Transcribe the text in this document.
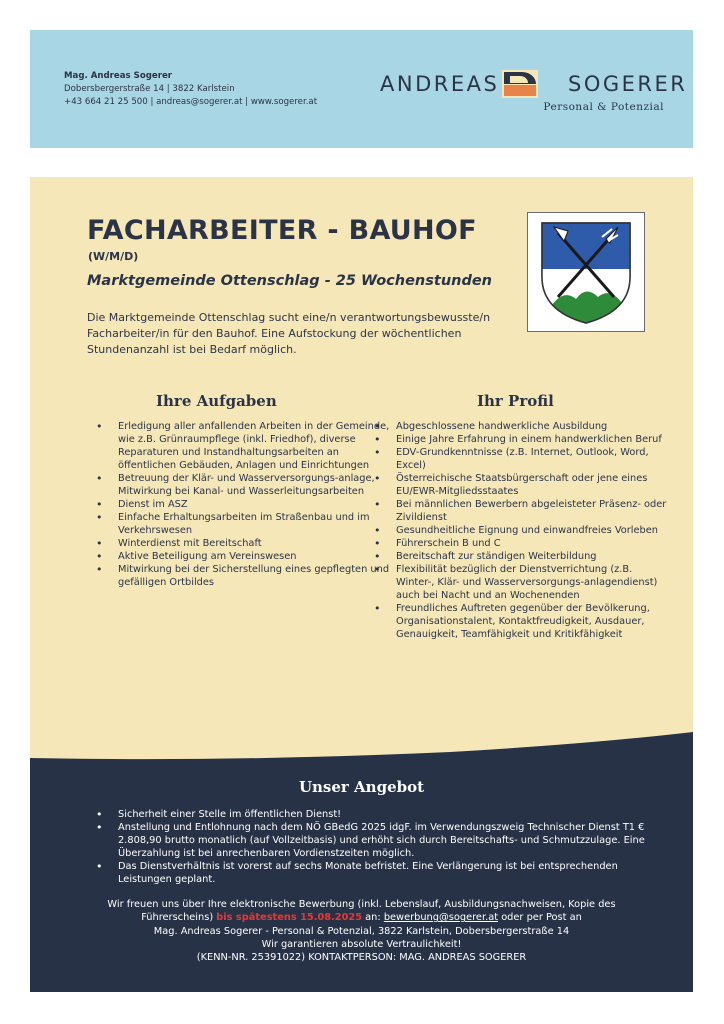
Mag. Andreas Sogerer
Dobersbergerstraße 14 | 3822 Karlstein
+43 664 21 25 500 | andreas@sogerer.at | www.sogerer.at
ANDREAS	SOGERER
Personal & Potenzial
FACHARBEITER - BAUHOF
(W/M/D)
Marktgemeinde Ottenschlag - 25 Wochenstunden
Die Marktgemeinde Ottenschlag sucht eine/n verantwortungsbewusste/n Facharbeiter/in für den Bauhof. Eine Aufstockung der wöchentlichen Stundenanzahl ist bei Bedarf möglich.
Ihre Aufgaben	Ihr Profil
• Erledigung aller anfallenden Arbeiten in der Gemeinde, wie z.B. Grünraumpflege (inkl. Friedhof), diverse Reparaturen und Instandhaltungsarbeiten an öffentlichen Gebäuden, Anlagen und Einrichtungen
• Betreuung der Klär- und Wasserversorgungs-anlage, Mitwirkung bei Kanal- und Wasserleitungsarbeiten
• Dienst im ASZ
• Einfache Erhaltungsarbeiten im Straßenbau und im Verkehrswesen
• Winterdienst mit Bereitschaft
• Aktive Beteiligung am Vereinswesen
• Mitwirkung bei der Sicherstellung eines gepflegten und gefälligen Ortbildes
• Abgeschlossene handwerkliche Ausbildung
• Einige Jahre Erfahrung in einem handwerklichen Beruf
• EDV-Grundkenntnisse (z.B. Internet, Outlook, Word, Excel)
• Österreichische Staatsbürgerschaft oder jene eines EU/EWR-Mitgliedsstaates
• Bei männlichen Bewerbern abgeleisteter Präsenz- oder Zivildienst
• Gesundheitliche Eignung und einwandfreies Vorleben
• Führerschein B und C
• Bereitschaft zur ständigen Weiterbildung
• Flexibilität bezüglich der Dienstverrichtung (z.B. Winter-, Klär- und Wasserversorgungs-anlagendienst) auch bei Nacht und an Wochenenden
• Freundliches Auftreten gegenüber der Bevölkerung, Organisationstalent, Kontaktfreudigkeit, Ausdauer, Genauigkeit, Teamfähigkeit und Kritikfähigkeit
Unser Angebot
• Sicherheit einer Stelle im öffentlichen Dienst!
• Anstellung und Entlohnung nach dem NÖ GBedG 2025 idgF. im Verwendungszweig Technischer Dienst T1 € 2.808,90 brutto monatlich (auf Vollzeitbasis) und erhöht sich durch Bereitschafts- und Schmutzzulage. Eine Überzahlung ist bei anrechenbaren Vordienstzeiten möglich.
• Das Dienstverhältnis ist vorerst auf sechs Monate befristet. Eine Verlängerung ist bei entsprechenden Leistungen geplant.
Wir freuen uns über Ihre elektronische Bewerbung (inkl. Lebenslauf, Ausbildungsnachweisen, Kopie des Führerscheins) bis spätestens 15.08.2025 an: bewerbung@sogerer.at oder per Post an
Mag. Andreas Sogerer - Personal & Potenzial, 3822 Karlstein, Dobersbergerstraße 14
Wir garantieren absolute Vertraulichkeit!
(KENN-NR. 25391022) KONTAKTPERSON: MAG. ANDREAS SOGERER
